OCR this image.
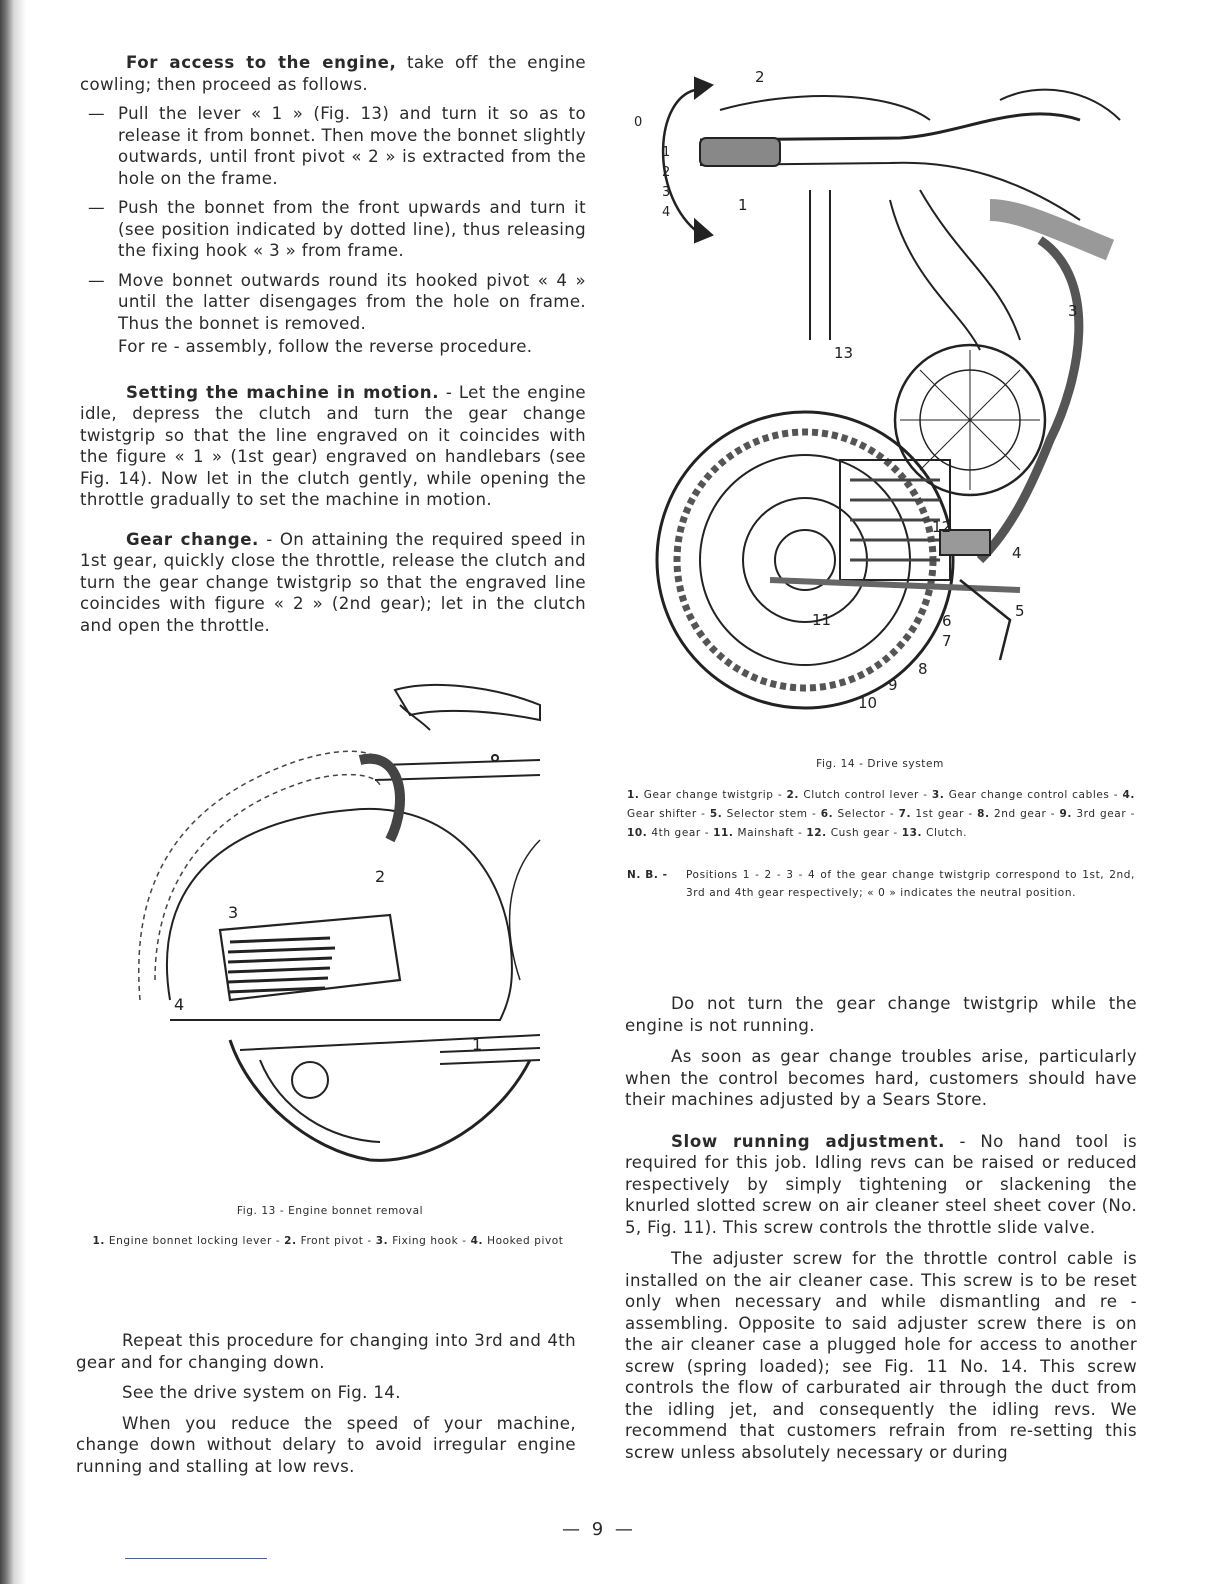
For access to the engine, take off the engine cowling; then proceed as follows.

— Pull the lever « 1 » (Fig. 13) and turn it so as to release it from bonnet. Then move the bonnet slightly outwards, until front pivot « 2 » is extracted from the hole on the frame.
— Push the bonnet from the front upwards and turn it (see position indicated by dotted line), thus releasing the fixing hook « 3 » from frame.
— Move bonnet outwards round its hooked pivot « 4 » until the latter disengages from the hole on frame. Thus the bonnet is removed.

For re - assembly, follow the reverse procedure.

Setting the machine in motion. - Let the engine idle, depress the clutch and turn the gear change twistgrip so that the line engraved on it coincides with the figure « 1 » (1st gear) engraved on handlebars (see Fig. 14). Now let in the clutch gently, while opening the throttle gradually to set the machine in motion.

Gear change. - On attaining the required speed in 1st gear, quickly close the throttle, release the clutch and turn the gear change twistgrip so that the engraved line coincides with figure « 2 » (2nd gear); let in the clutch and open the throttle.

1
2
3
4
Fig. 13 - Engine bonnet removal
1. Engine bonnet locking lever - 2. Front pivot - 3. Fixing hook - 4. Hooked pivot

Repeat this procedure for changing into 3rd and 4th gear and for changing down.

See the drive system on Fig. 14.

When you reduce the speed of your machine, change down without delary to avoid irregular engine running and stalling at low revs.

0
1
2
3
4	1
2
3
4
5
6
7
8
9
10
11
12
13
Fig. 14 - Drive system
1. Gear change twistgrip - 2. Clutch control lever - 3. Gear change control cables - 4. Gear shifter - 5. Selector stem - 6. Selector - 7. 1st gear - 8. 2nd gear - 9. 3rd gear - 10. 4th gear - 11. Mainshaft - 12. Cush gear - 13. Clutch.
N. B. -	Positions 1 - 2 - 3 - 4 of the gear change twistgrip correspond to 1st, 2nd, 3rd and 4th gear respectively; « 0 » indicates the neutral position.

Do not turn the gear change twistgrip while the engine is not running.

As soon as gear change troubles arise, particularly when the control becomes hard, customers should have their machines adjusted by a Sears Store.

Slow running adjustment. - No hand tool is required for this job. Idling revs can be raised or reduced respectively by simply tightening or slackening the knurled slotted screw on air cleaner steel sheet cover (No. 5, Fig. 11). This screw controls the throttle slide valve.

The adjuster screw for the throttle control cable is installed on the air cleaner case. This screw is to be reset only when necessary and while dismantling and re - assembling. Opposite to said adjuster screw there is on the air cleaner case a plugged hole for access to another screw (spring loaded); see Fig. 11 No. 14. This screw controls the flow of carburated air through the duct from the idling jet, and consequently the idling revs. We recommend that customers refrain from re-setting this screw unless absolutely necessary or during

— 9 —
